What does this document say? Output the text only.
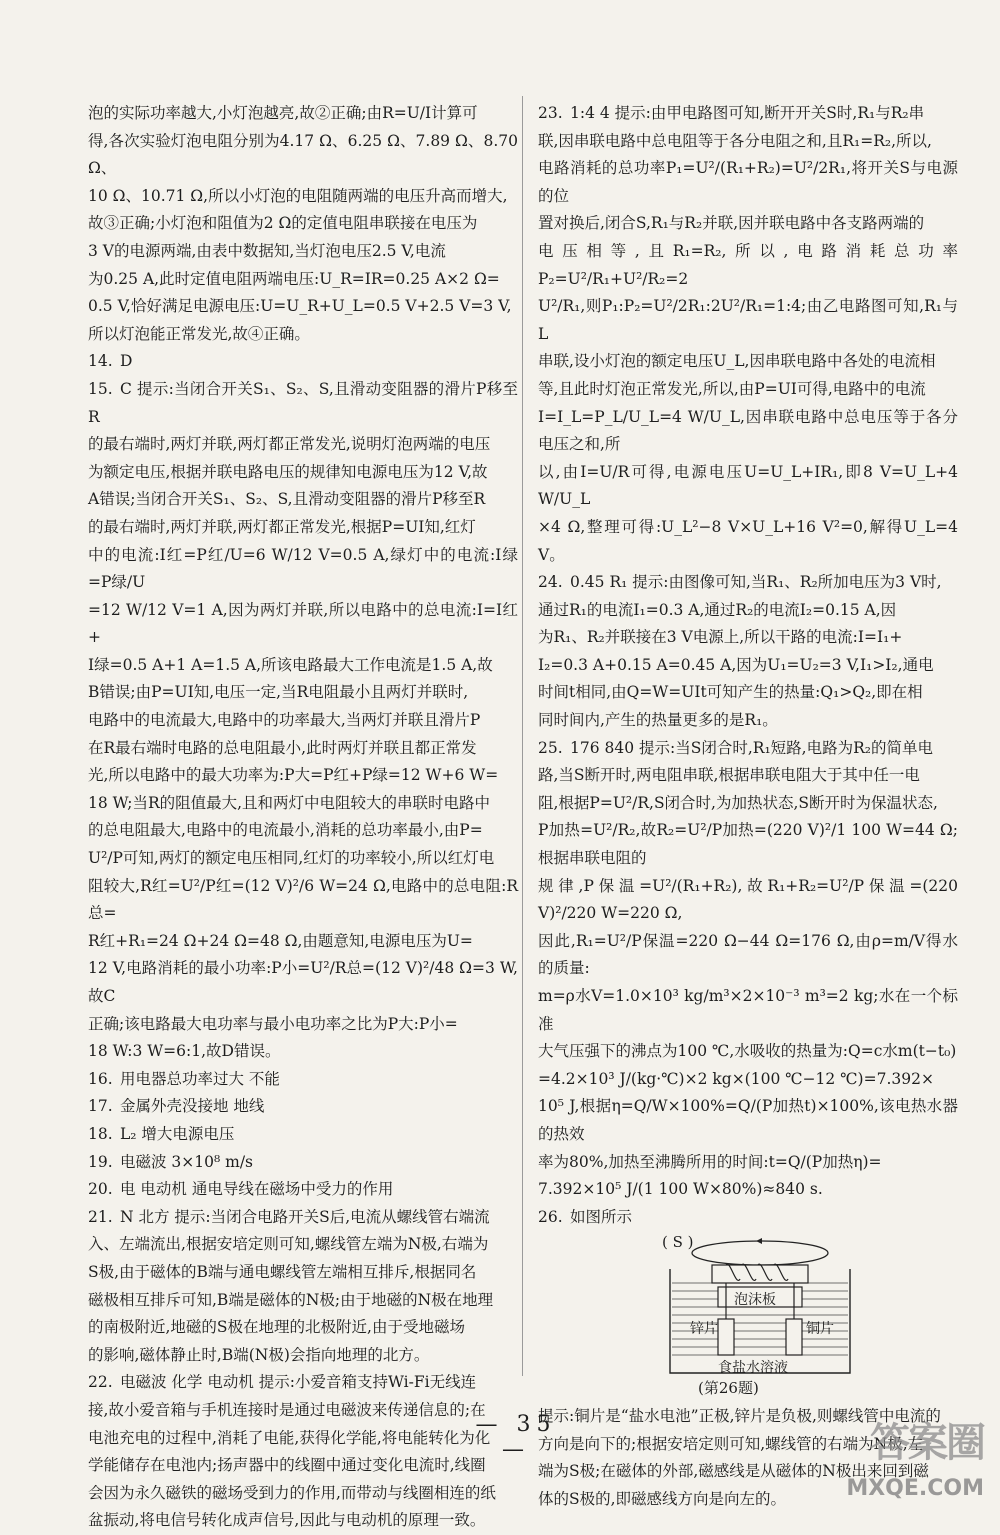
泡的实际功率越大,小灯泡越亮,故②正确;由R=U/I计算可

得,各次实验灯泡电阻分别为4.17 Ω、6.25 Ω、7.89 Ω、8.70 Ω、

10 Ω、10.71 Ω,所以小灯泡的电阻随两端的电压升高而增大,

故③正确;小灯泡和阻值为2 Ω的定值电阻串联接在电压为

3 V的电源两端,由表中数据知,当灯泡电压2.5 V,电流

为0.25 A,此时定值电阻两端电压:U_R=IR=0.25 A×2 Ω=

0.5 V,恰好满足电源电压:U=U_R+U_L=0.5 V+2.5 V=3 V,

所以灯泡能正常发光,故④正确。

14. D

15. C 提示:当闭合开关S₁、S₂、S,且滑动变阻器的滑片P移至R

的最右端时,两灯并联,两灯都正常发光,说明灯泡两端的电压

为额定电压,根据并联电路电压的规律知电源电压为12 V,故

A错误;当闭合开关S₁、S₂、S,且滑动变阻器的滑片P移至R

的最右端时,两灯并联,两灯都正常发光,根据P=UI知,红灯

中的电流:I红=P红/U=6 W/12 V=0.5 A,绿灯中的电流:I绿=P绿/U

=12 W/12 V=1 A,因为两灯并联,所以电路中的总电流:I=I红+

I绿=0.5 A+1 A=1.5 A,所该电路最大工作电流是1.5 A,故

B错误;由P=UI知,电压一定,当R电阻最小且两灯并联时,

电路中的电流最大,电路中的功率最大,当两灯并联且滑片P

在R最右端时电路的总电阻最小,此时两灯并联且都正常发

光,所以电路中的最大功率为:P大=P红+P绿=12 W+6 W=

18 W;当R的阻值最大,且和两灯中电阻较大的串联时电路中

的总电阻最大,电路中的电流最小,消耗的总功率最小,由P=

U²/P可知,两灯的额定电压相同,红灯的功率较小,所以红灯电

阻较大,R红=U²/P红=(12 V)²/6 W=24 Ω,电路中的总电阻:R总=

R红+R₁=24 Ω+24 Ω=48 Ω,由题意知,电源电压为U=

12 V,电路消耗的最小功率:P小=U²/R总=(12 V)²/48 Ω=3 W,故C

正确;该电路最大电功率与最小电功率之比为P大:P小=

18 W:3 W=6:1,故D错误。

16. 用电器总功率过大 不能

17. 金属外壳没接地 地线

18. L₂ 增大电源电压

19. 电磁波 3×10⁸ m/s

20. 电 电动机 通电导线在磁场中受力的作用

21. N 北方 提示:当闭合电路开关S后,电流从螺线管右端流

入、左端流出,根据安培定则可知,螺线管左端为N极,右端为

S极,由于磁体的B端与通电螺线管左端相互排斥,根据同名

磁极相互排斥可知,B端是磁体的N极;由于地磁的N极在地理

的南极附近,地磁的S极在地理的北极附近,由于受地磁场

的影响,磁体静止时,B端(N极)会指向地理的北方。

22. 电磁波 化学 电动机 提示:小爱音箱支持Wi-Fi无线连

接,故小爱音箱与手机连接时是通过电磁波来传递信息的;在

电池充电的过程中,消耗了电能,获得化学能,将电能转化为化

学能储存在电池内;扬声器中的线圈中通过变化电流时,线圈

会因为永久磁铁的磁场受到力的作用,而带动与线圈相连的纸

盆振动,将电信号转化成声信号,因此与电动机的原理一致。

23. 1:4 4 提示:由甲电路图可知,断开开关S时,R₁与R₂串

联,因串联电路中总电阻等于各分电阻之和,且R₁=R₂,所以,

电路消耗的总功率P₁=U²/(R₁+R₂)=U²/2R₁,将开关S与电源的位

置对换后,闭合S,R₁与R₂并联,因并联电路中各支路两端的

电压相等,且R₁=R₂,所以,电路消耗总功率P₂=U²/R₁+U²/R₂=2

U²/R₁,则P₁:P₂=U²/2R₁:2U²/R₁=1:4;由乙电路图可知,R₁与L

串联,设小灯泡的额定电压U_L,因串联电路中各处的电流相

等,且此时灯泡正常发光,所以,由P=UI可得,电路中的电流

I=I_L=P_L/U_L=4 W/U_L,因串联电路中总电压等于各分电压之和,所

以,由I=U/R可得,电源电压U=U_L+IR₁,即8 V=U_L+4 W/U_L

×4 Ω,整理可得:U_L²−8 V×U_L+16 V²=0,解得U_L=4 V。

24. 0.45 R₁ 提示:由图像可知,当R₁、R₂所加电压为3 V时,

通过R₁的电流I₁=0.3 A,通过R₂的电流I₂=0.15 A,因

为R₁、R₂并联接在3 V电源上,所以干路的电流:I=I₁+

I₂=0.3 A+0.15 A=0.45 A,因为U₁=U₂=3 V,I₁>I₂,通电

时间t相同,由Q=W=UIt可知产生的热量:Q₁>Q₂,即在相

同时间内,产生的热量更多的是R₁。

25. 176 840 提示:当S闭合时,R₁短路,电路为R₂的简单电

路,当S断开时,两电阻串联,根据串联电阻大于其中任一电

阻,根据P=U²/R,S闭合时,为加热状态,S断开时为保温状态,

P加热=U²/R₂,故R₂=U²/P加热=(220 V)²/1 100 W=44 Ω;根据串联电阻的

规律,P保温=U²/(R₁+R₂),故R₁+R₂=U²/P保温=(220 V)²/220 W=220 Ω,

因此,R₁=U²/P保温=220 Ω−44 Ω=176 Ω,由ρ=m/V得水的质量:

m=ρ水V=1.0×10³ kg/m³×2×10⁻³ m³=2 kg;水在一个标准

大气压强下的沸点为100 ℃,水吸收的热量为:Q=c水m(t−t₀)

=4.2×10³ J/(kg·℃)×2 kg×(100 ℃−12 ℃)=7.392×

10⁵ J,根据η=Q/W×100%=Q/(P加热t)×100%,该电热水器的热效

率为80%,加热至沸腾所用的时间:t=Q/(P加热η)=

7.392×10⁵ J/(1 100 W×80%)≈840 s.

26. 如图所示

( S )
泡沫板
锌片	铜片
食盐水溶液

(第26题)

提示:铜片是“盐水电池”正极,锌片是负极,则螺线管中电流的

方向是向下的;根据安培定则可知,螺线管的右端为N极,左

端为S极;在磁体的外部,磁感线是从磁体的N极出来回到磁

体的S极的,即磁感线方向是向左的。

— 35 —	答案圈
MXQE.COM
